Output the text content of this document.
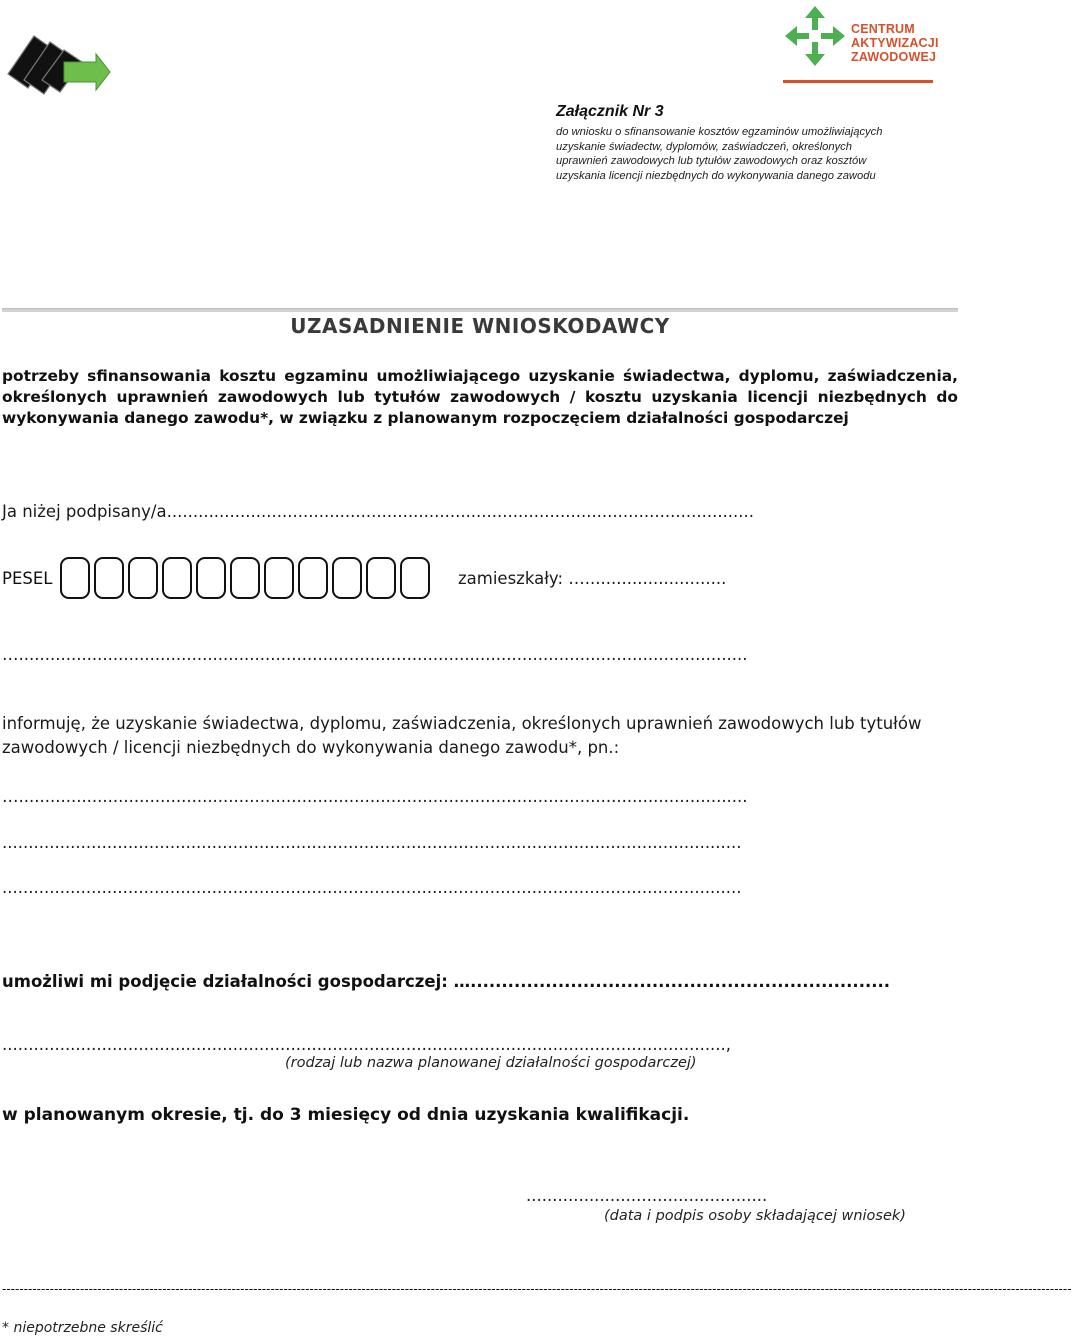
CENTRUM
AKTYWIZACJI
ZAWODOWEJ
Załącznik Nr 3
do wniosku o sfinansowanie kosztów egzaminów umożliwiających uzyskanie świadectw, dyplomów, zaświadczeń, określonych uprawnień zawodowych lub tytułów zawodowych oraz kosztów uzyskania licencji niezbędnych do wykonywania danego zawodu
UZASADNIENIE WNIOSKODAWCY
potrzeby sfinansowania kosztu egzaminu umożliwiającego uzyskanie świadectwa, dyplomu, zaświadczenia, określonych uprawnień zawodowych lub tytułów zawodowych / kosztu uzyskania licencji niezbędnych do wykonywania danego zawodu*, w związku z planowanym rozpoczęciem działalności gospodarczej
Ja niżej podpisany/a................................................................................................................
PESEL	zamieszkały: …...........................
…...........................................................................................................................................
informuję, że uzyskanie świadectwa, dyplomu, zaświadczenia, określonych uprawnień zawodowych lub tytułów zawodowych / licencji niezbędnych do wykonywania danego zawodu*, pn.:
…...........................................................................................................................................
.............................................................................................................................................
.............................................................................................................................................
umożliwi mi podjęcie działalności gospodarczej: …...................................................................
..........................................................................................................................................,
(rodzaj lub nazwa planowanej działalności gospodarczej)
w planowanym okresie, tj. do 3 miesięcy od dnia uzyskania kwalifikacji.
..............................................
(data i podpis osoby składającej wniosek)
-------------------------------------------------------------------------------------------------------------------------------------------------------------------------------------------------------------------------------------------------------
* niepotrzebne skreślić
